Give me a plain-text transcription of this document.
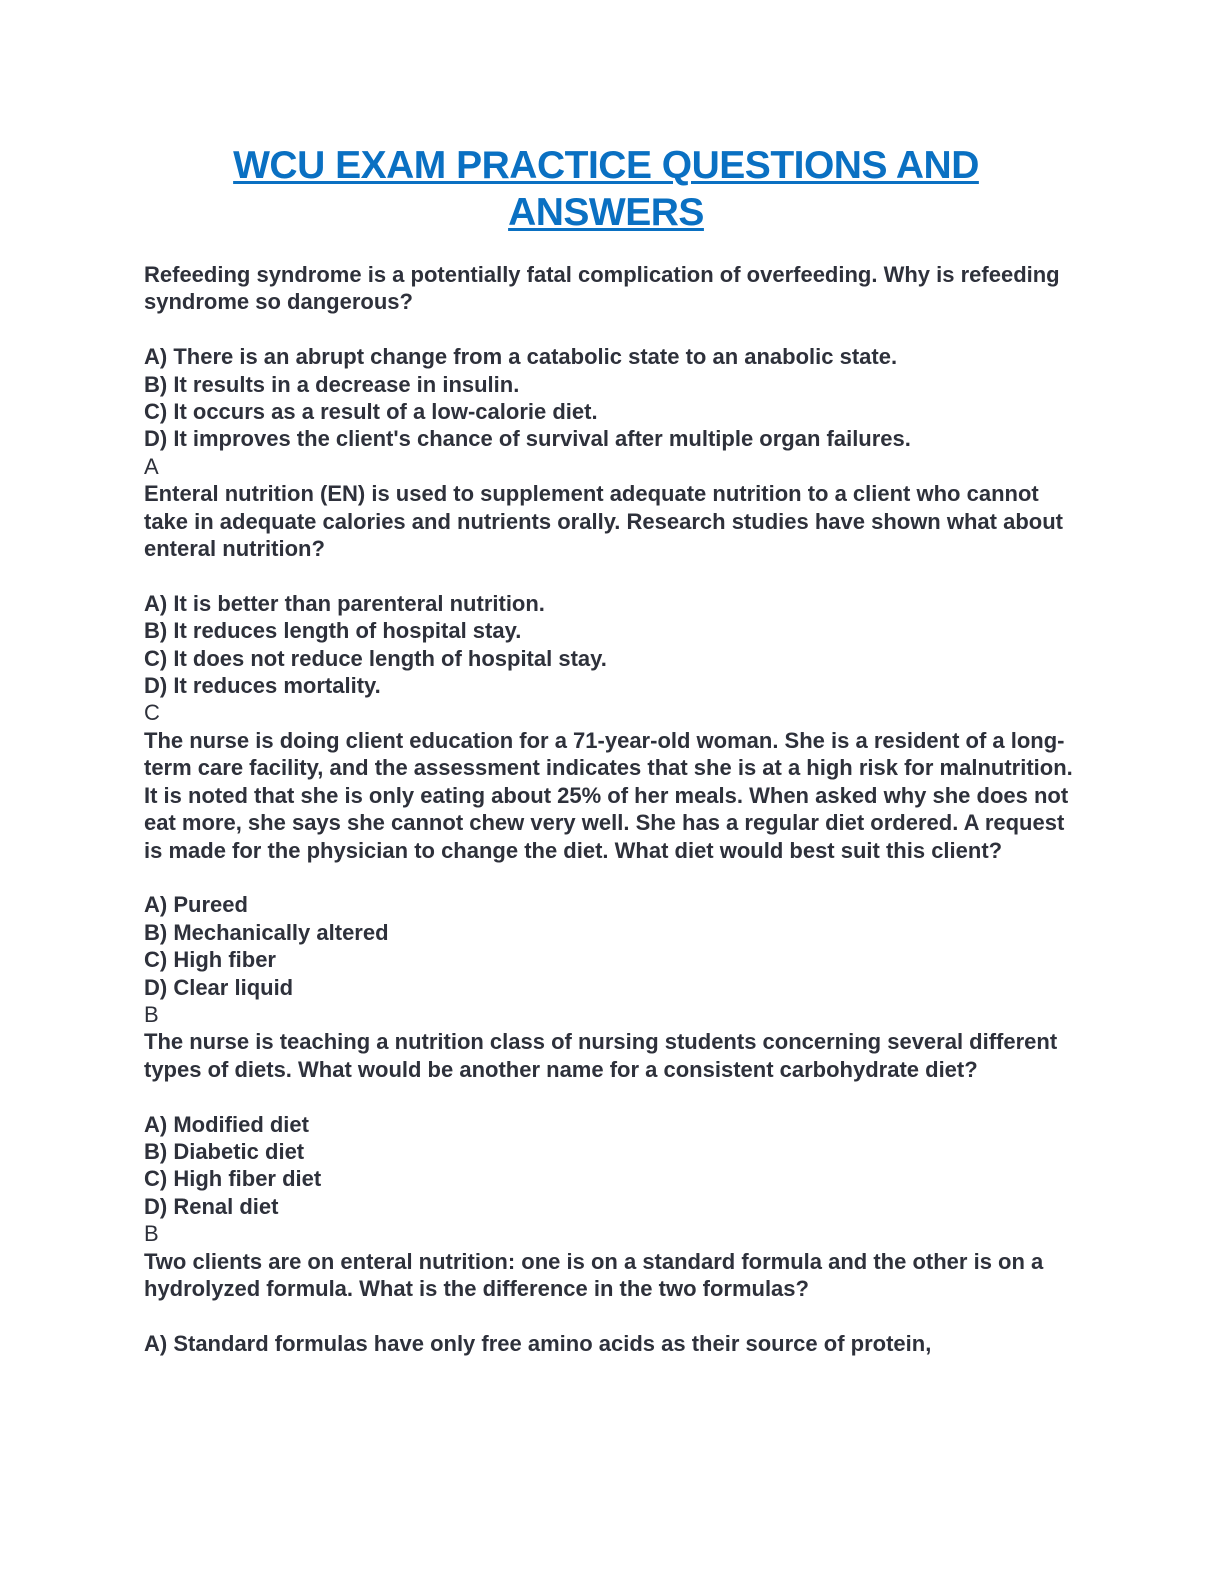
WCU EXAM PRACTICE QUESTIONS AND ANSWERS

Refeeding syndrome is a potentially fatal complication of overfeeding. Why is refeeding syndrome so dangerous?

A) There is an abrupt change from a catabolic state to an anabolic state.

B) It results in a decrease in insulin.

C) It occurs as a result of a low-calorie diet.

D) It improves the client's chance of survival after multiple organ failures.

A

Enteral nutrition (EN) is used to supplement adequate nutrition to a client who cannot take in adequate calories and nutrients orally. Research studies have shown what about enteral nutrition?

A) It is better than parenteral nutrition.

B) It reduces length of hospital stay.

C) It does not reduce length of hospital stay.

D) It reduces mortality.

C

The nurse is doing client education for a 71-year-old woman. She is a resident of a long-term care facility, and the assessment indicates that she is at a high risk for malnutrition. It is noted that she is only eating about 25% of her meals. When asked why she does not eat more, she says she cannot chew very well. She has a regular diet ordered. A request is made for the physician to change the diet. What diet would best suit this client?

A) Pureed

B) Mechanically altered

C) High fiber

D) Clear liquid

B

The nurse is teaching a nutrition class of nursing students concerning several different types of diets. What would be another name for a consistent carbohydrate diet?

A) Modified diet

B) Diabetic diet

C) High fiber diet

D) Renal diet

B

Two clients are on enteral nutrition: one is on a standard formula and the other is on a hydrolyzed formula. What is the difference in the two formulas?

A) Standard formulas have only free amino acids as their source of protein,
